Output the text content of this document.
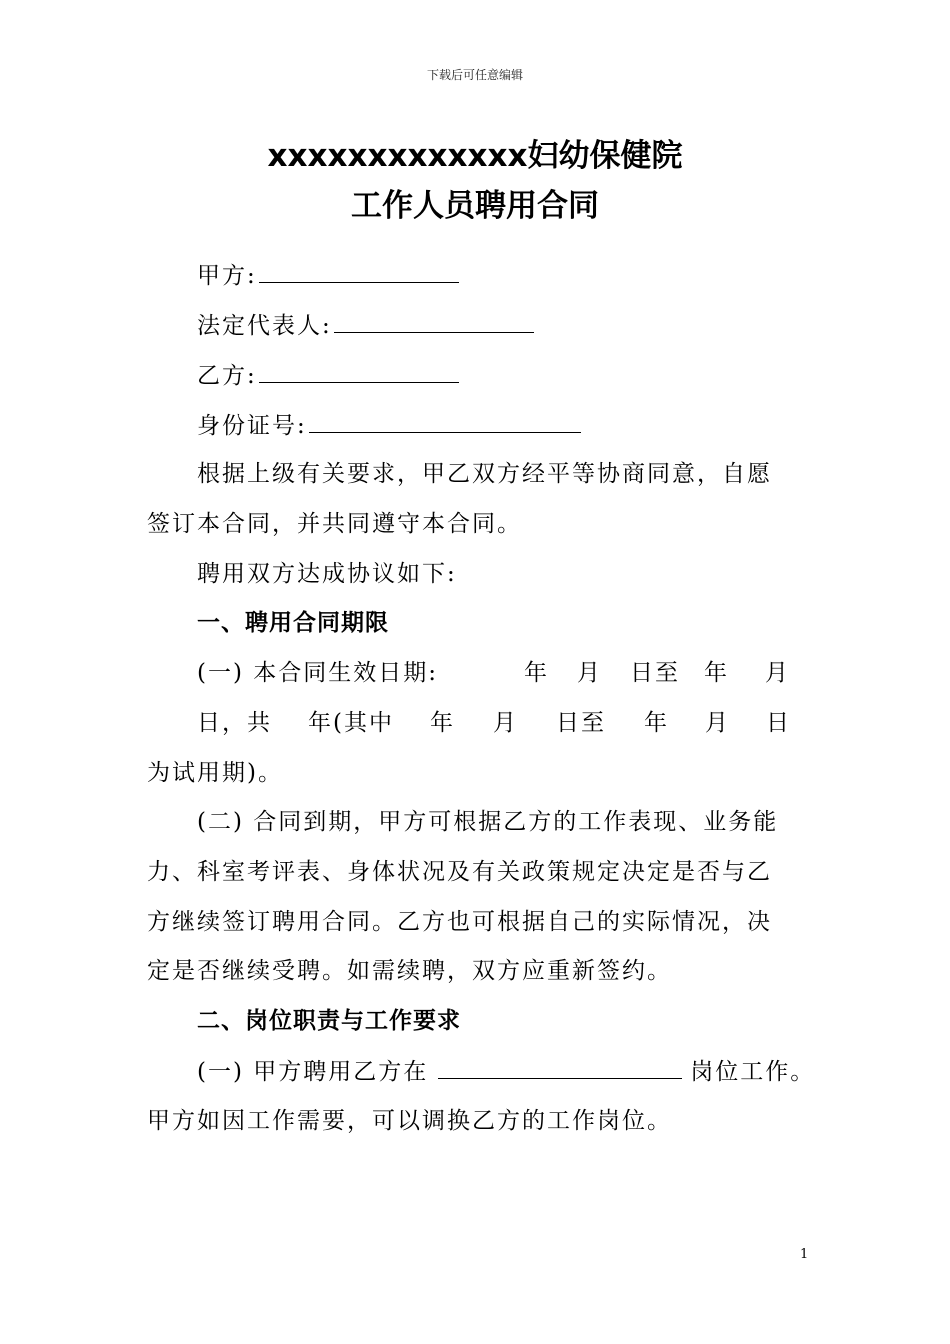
下载后可任意编辑
xxxxxxxxxxxxx妇幼保健院
工作人员聘用合同
甲方:
法定代表人:
乙方:
身份证号:
根据上级有关要求，甲乙双方经平等协商同意，自愿
签订本合同，并共同遵守本合同。
聘用双方达成协议如下:
一、聘用合同期限
(一) 本合同生效日期:	年 月 日至 年 月
日，共 年(其中 年 月 日至 年 月 日
为试用期)。
(二) 合同到期，甲方可根据乙方的工作表现、业务能
力、科室考评表、身体状况及有关政策规定决定是否与乙
方继续签订聘用合同。乙方也可根据自己的实际情况，决
定是否继续受聘。如需续聘，双方应重新签约。
二、岗位职责与工作要求
(一) 甲方聘用乙方在	岗位工作。
甲方如因工作需要，可以调换乙方的工作岗位。
1
